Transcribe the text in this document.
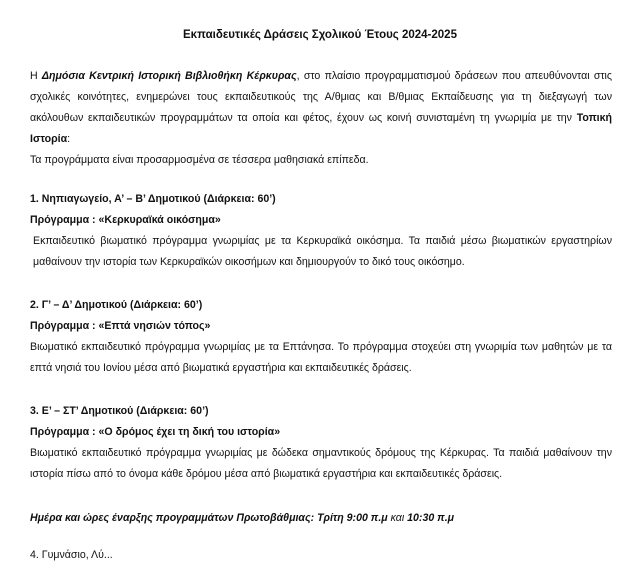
Εκπαιδευτικές Δράσεις Σχολικού Έτους 2024-2025
Η Δημόσια Κεντρική Ιστορική Βιβλιοθήκη Κέρκυρας, στο πλαίσιο προγραμματισμού δράσεων που απευθύνονται στις σχολικές κοινότητες, ενημερώνει τους εκπαιδευτικούς της Α/θμιας και Β/θμιας Εκπαίδευσης για τη διεξαγωγή των ακόλουθων εκπαιδευτικών προγραμμάτων τα οποία και φέτος, έχουν ως κοινή συνισταμένη τη γνωριμία με την Τοπική Ιστορία:
Τα προγράμματα είναι προσαρμοσμένα σε τέσσερα μαθησιακά επίπεδα.
1. Νηπιαγωγείο, Α’ – Β’ Δημοτικού (Διάρκεια: 60’)
Πρόγραμμα : «Κερκυραϊκά οικόσημα»
Εκπαιδευτικό βιωματικό πρόγραμμα γνωριμίας με τα Κερκυραϊκά οικόσημα. Τα παιδιά μέσω βιωματικών εργαστηρίων μαθαίνουν την ιστορία των Κερκυραϊκών οικοσήμων και δημιουργούν το δικό τους οικόσημο.
2. Γ’ – Δ’ Δημοτικού (Διάρκεια: 60’)
Πρόγραμμα : «Επτά νησιών τόπος»
Βιωματικό εκπαιδευτικό πρόγραμμα γνωριμίας με τα Επτάνησα. Το πρόγραμμα στοχεύει στη γνωριμία των μαθητών με τα επτά νησιά του Ιονίου μέσα από βιωματικά εργαστήρια και εκπαιδευτικές δράσεις.
3. Ε’ – ΣΤ’ Δημοτικού (Διάρκεια: 60’)
Πρόγραμμα : «Ο δρόμος έχει τη δική του ιστορία»
Βιωματικό εκπαιδευτικό πρόγραμμα γνωριμίας με δώδεκα σημαντικούς δρόμους της Κέρκυρας. Τα παιδιά μαθαίνουν την ιστορία πίσω από το όνομα κάθε δρόμου μέσα από βιωματικά εργαστήρια και εκπαιδευτικές δράσεις.
Ημέρα και ώρες έναρξης προγραμμάτων Πρωτοβάθμιας: Τρίτη 9:00 π.μ και 10:30 π.μ
4. Γυμνάσιο, Λύ...
